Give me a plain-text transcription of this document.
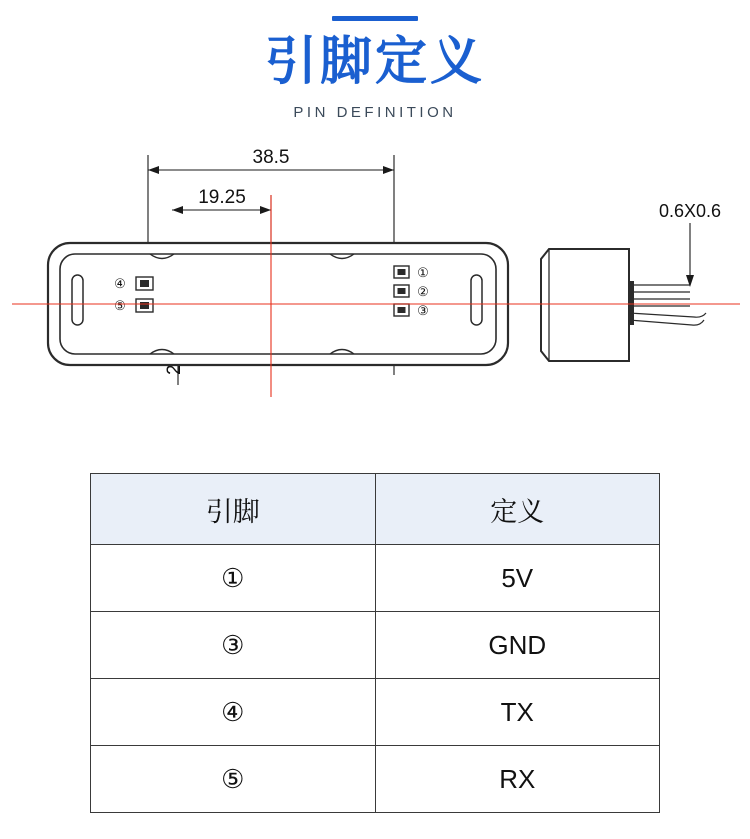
引脚定义
PIN DEFINITION
38.5
19.25
④
⑤
①
②
③
0.6X0.6
引脚	定义
①	5V
③	GND
④	TX
⑤	RX
